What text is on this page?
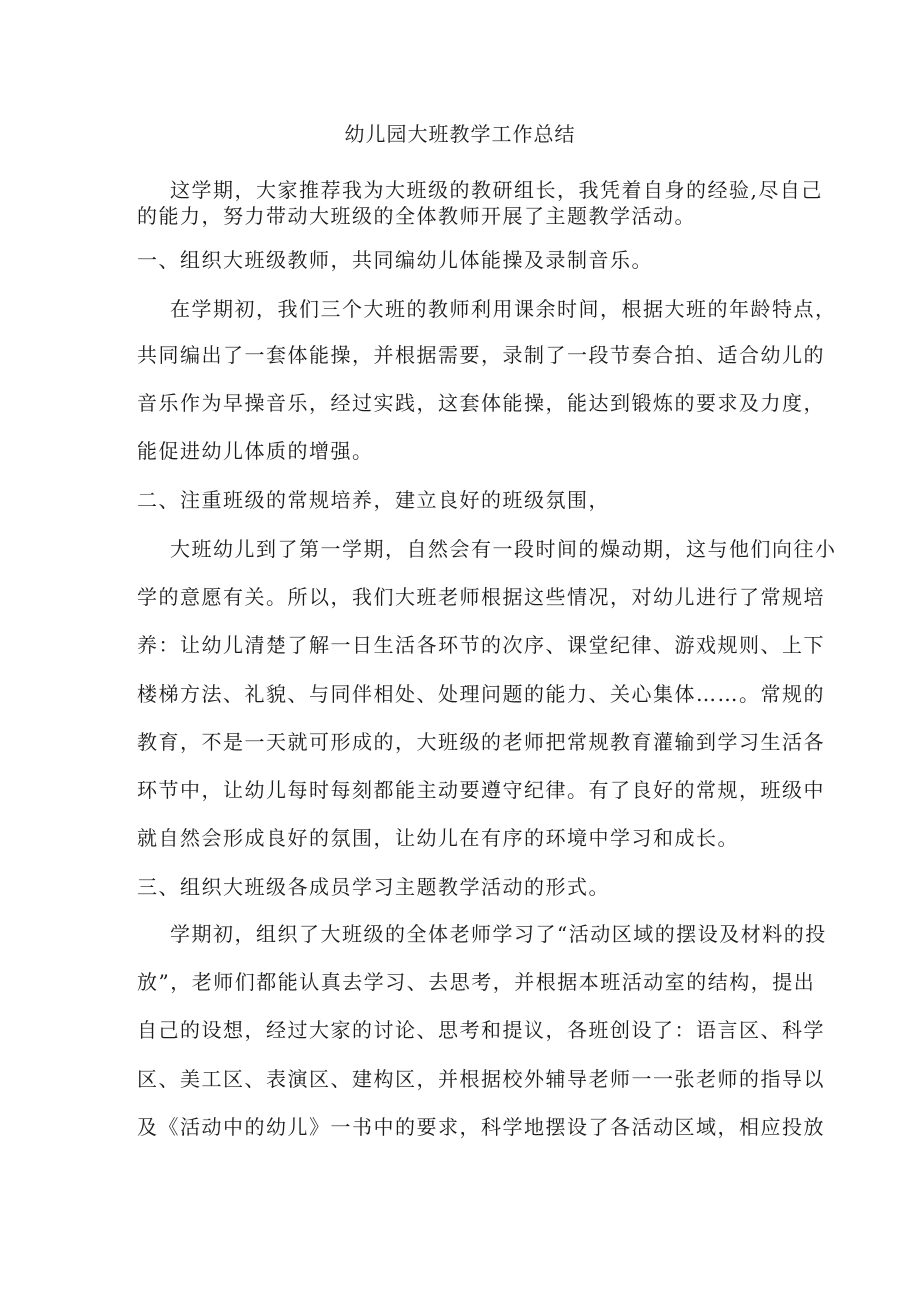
幼儿园大班教学工作总结
这学期，大家推荐我为大班级的教研组长，我凭着自身的经验,尽自己
的能力，努力带动大班级的全体教师开展了主题教学活动。
一、组织大班级教师，共同编幼儿体能操及录制音乐。
在学期初，我们三个大班的教师利用课余时间，根据大班的年龄特点，
共同编出了一套体能操，并根据需要，录制了一段节奏合拍、适合幼儿的
音乐作为早操音乐，经过实践，这套体能操，能达到锻炼的要求及力度，
能促进幼儿体质的增强。
二、注重班级的常规培养，建立良好的班级氛围，
大班幼儿到了第一学期，自然会有一段时间的燥动期，这与他们向往小
学的意愿有关。所以，我们大班老师根据这些情况，对幼儿进行了常规培
养：让幼儿清楚了解一日生活各环节的次序、课堂纪律、游戏规则、上下
楼梯方法、礼貌、与同伴相处、处理问题的能力、关心集体……。常规的
教育，不是一天就可形成的，大班级的老师把常规教育灌输到学习生活各
环节中，让幼儿每时每刻都能主动要遵守纪律。有了良好的常规，班级中
就自然会形成良好的氛围，让幼儿在有序的环境中学习和成长。
三、组织大班级各成员学习主题教学活动的形式。
学期初，组织了大班级的全体老师学习了“活动区域的摆设及材料的投
放”，老师们都能认真去学习、去思考，并根据本班活动室的结构，提出
自己的设想，经过大家的讨论、思考和提议，各班创设了：语言区、科学
区、美工区、表演区、建构区，并根据校外辅导老师一一张老师的指导以
及《活动中的幼儿》一书中的要求，科学地摆设了各活动区域，相应投放
